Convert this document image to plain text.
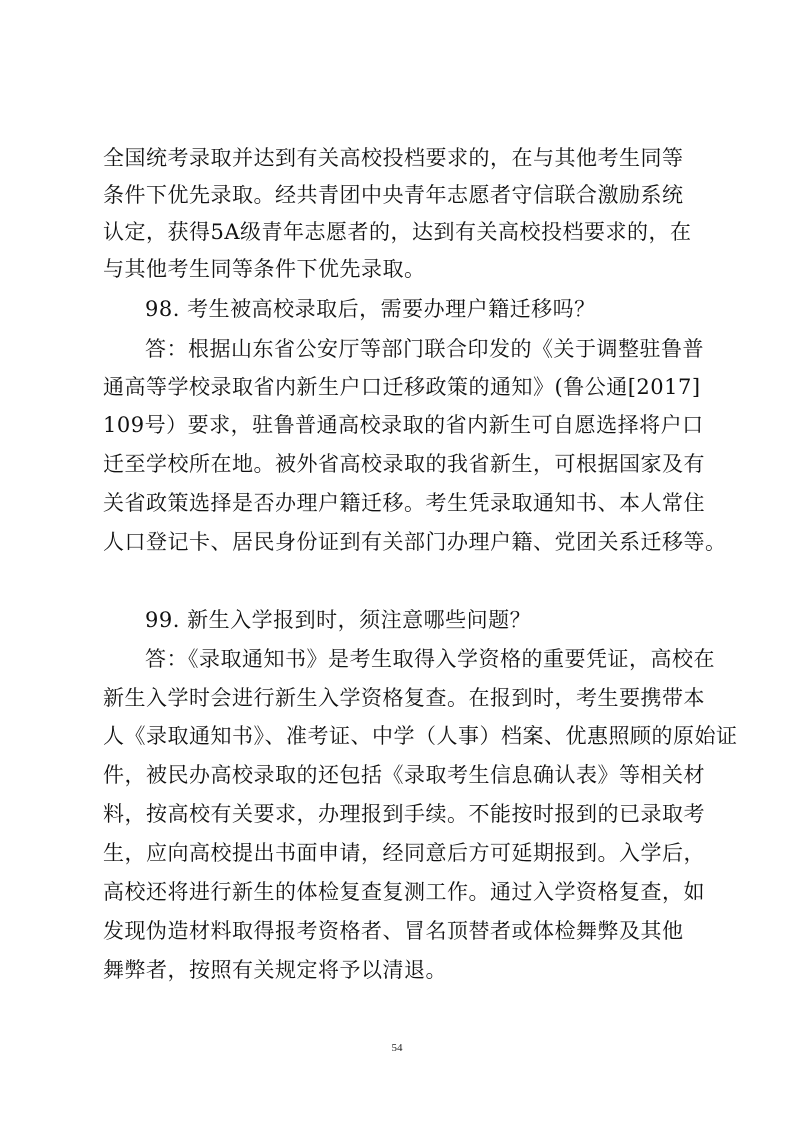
全国统考录取并达到有关高校投档要求的，在与其他考生同等
条件下优先录取。经共青团中央青年志愿者守信联合激励系统
认定，获得5A级青年志愿者的，达到有关高校投档要求的，在
与其他考生同等条件下优先录取。
98. 考生被高校录取后，需要办理户籍迁移吗？
答：根据山东省公安厅等部门联合印发的《关于调整驻鲁普
通高等学校录取省内新生户口迁移政策的通知》(鲁公通[2017]
109号）要求，驻鲁普通高校录取的省内新生可自愿选择将户口
迁至学校所在地。被外省高校录取的我省新生，可根据国家及有
关省政策选择是否办理户籍迁移。考生凭录取通知书、本人常住
人口登记卡、居民身份证到有关部门办理户籍、党团关系迁移等。
99. 新生入学报到时，须注意哪些问题？
答：《录取通知书》是考生取得入学资格的重要凭证，高校在
新生入学时会进行新生入学资格复查。在报到时，考生要携带本
人《录取通知书》、准考证、中学（人事）档案、优惠照顾的原始证
件，被民办高校录取的还包括《录取考生信息确认表》等相关材
料，按高校有关要求，办理报到手续。不能按时报到的已录取考
生，应向高校提出书面申请，经同意后方可延期报到。入学后，
高校还将进行新生的体检复查复测工作。通过入学资格复查，如
发现伪造材料取得报考资格者、冒名顶替者或体检舞弊及其他
舞弊者，按照有关规定将予以清退。
54
